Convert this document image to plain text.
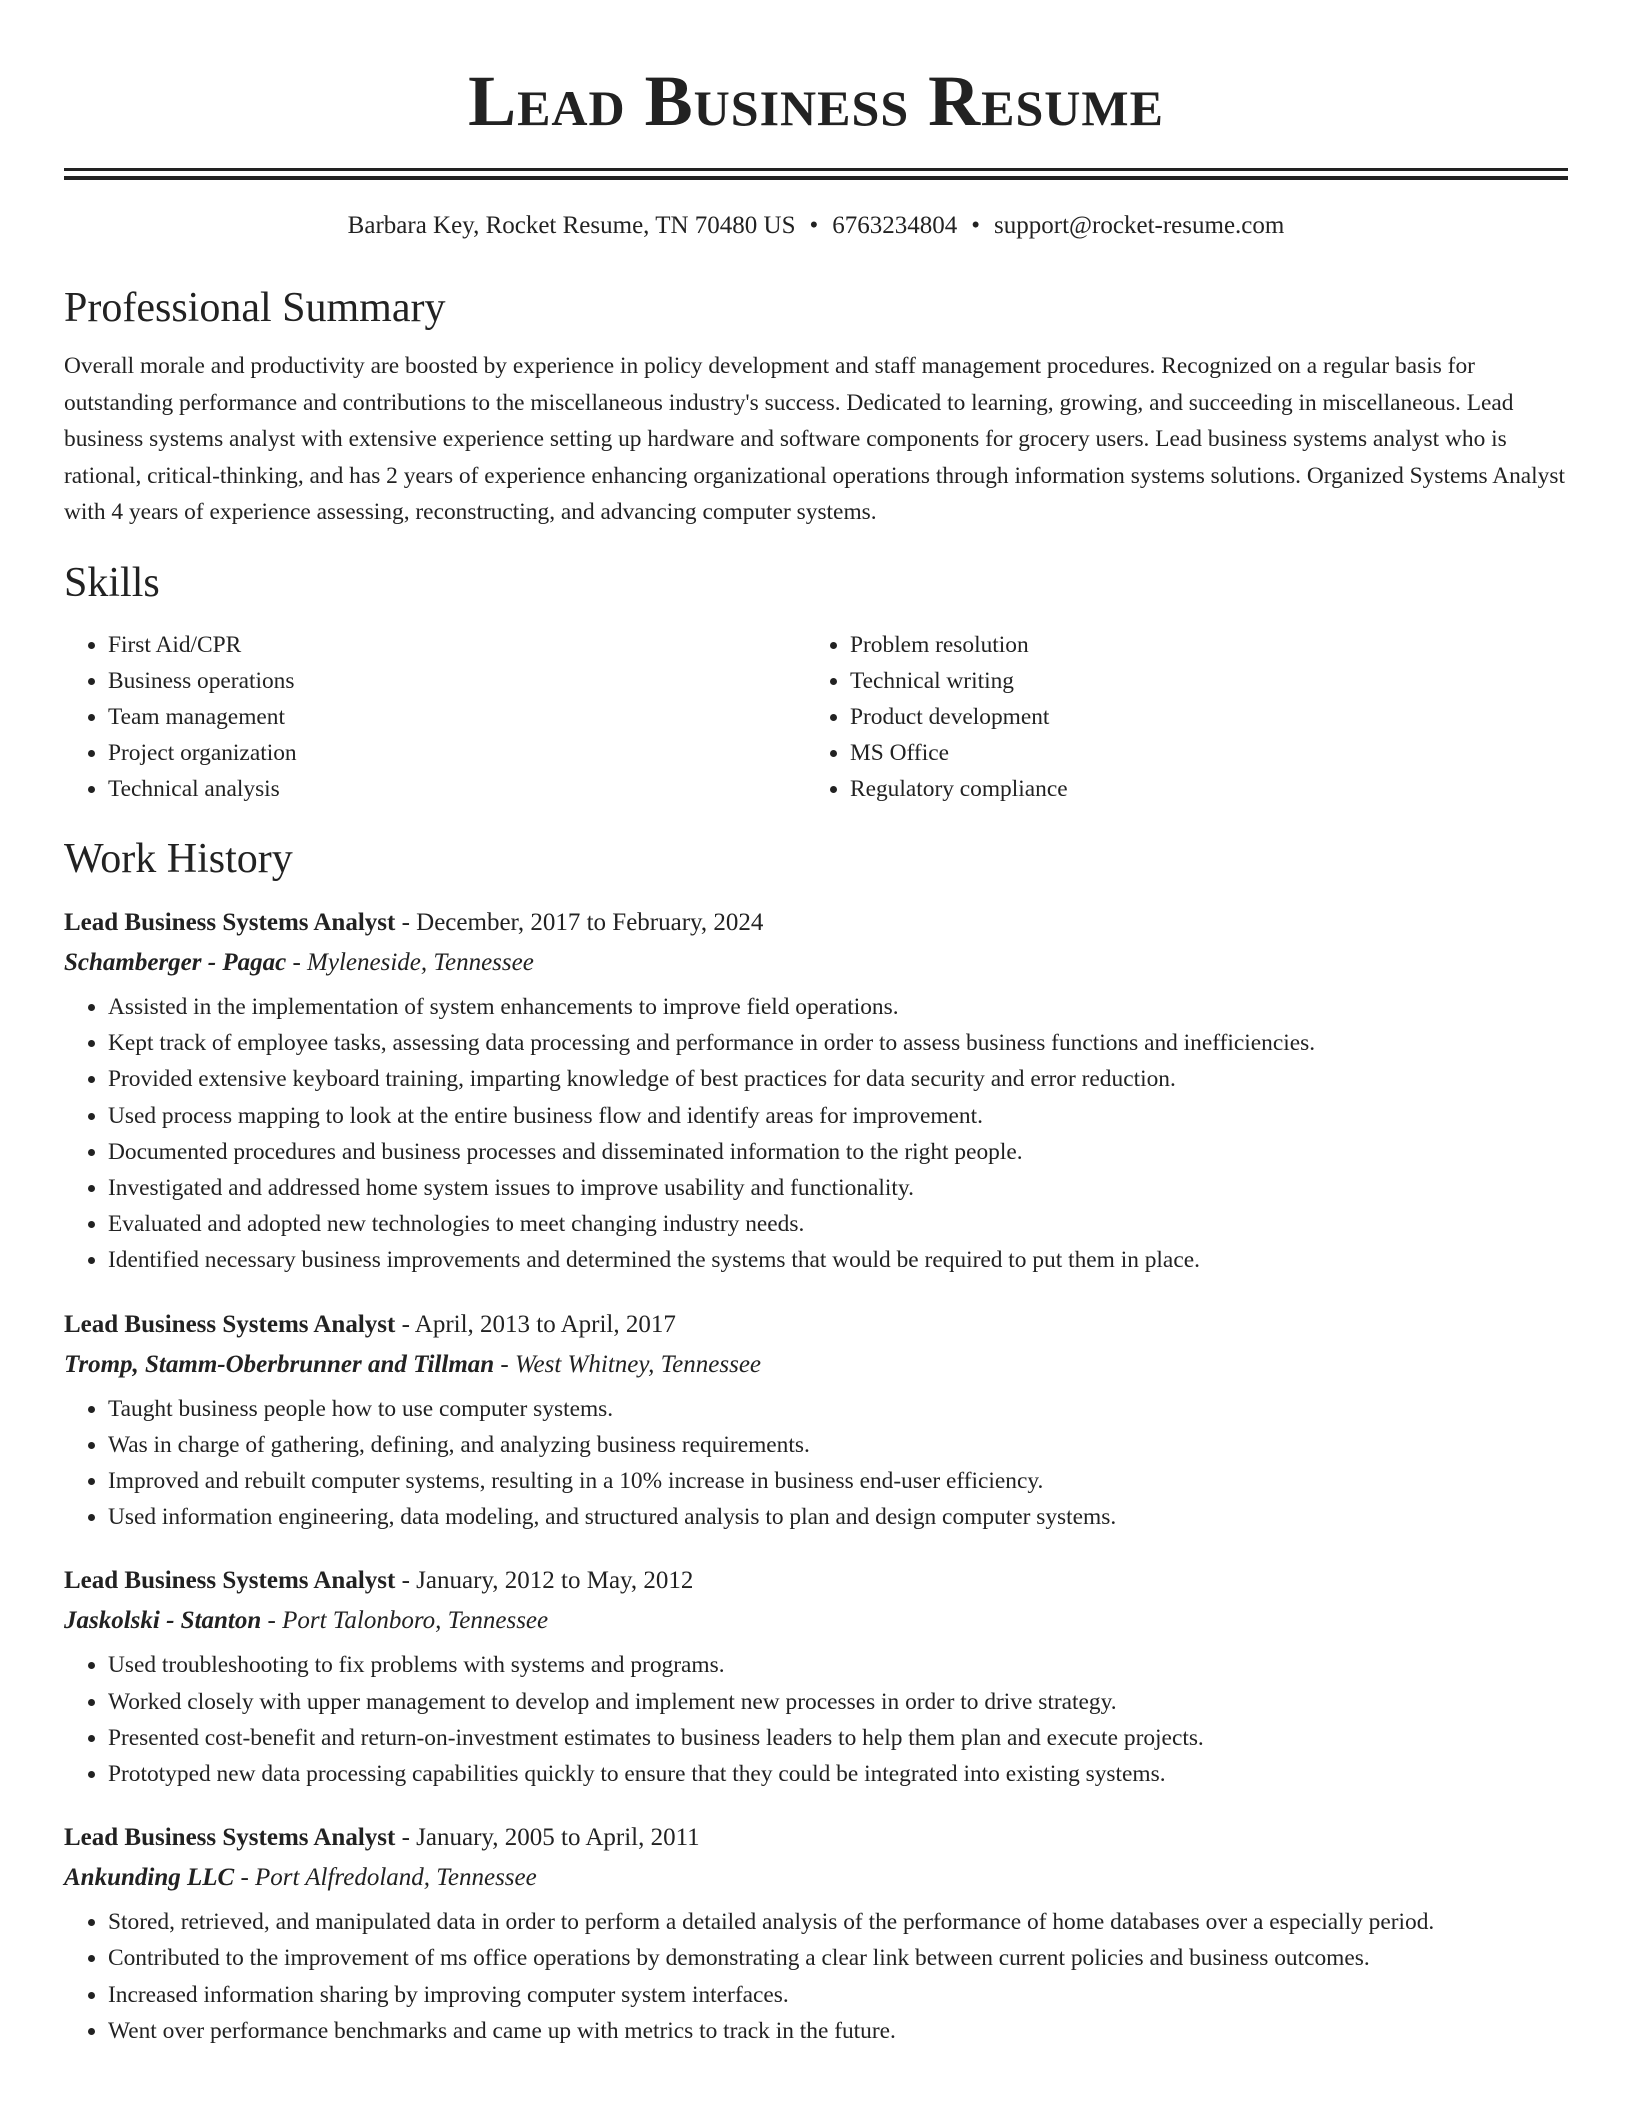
Lead Business Resume
Barbara Key, Rocket Resume, TN 70480 US • 6763234804 • support@rocket-resume.com
Professional Summary

Overall morale and productivity are boosted by experience in policy development and staff management procedures. Recognized on a regular basis for outstanding performance and contributions to the miscellaneous industry's success. Dedicated to learning, growing, and succeeding in miscellaneous. Lead business systems analyst with extensive experience setting up hardware and software components for grocery users. Lead business systems analyst who is rational, critical-thinking, and has 2 years of experience enhancing organizational operations through information systems solutions. Organized Systems Analyst with 4 years of experience assessing, reconstructing, and advancing computer systems.

Skills
• First Aid/CPR
• Business operations
• Team management
• Project organization
• Technical analysis
• Problem resolution
• Technical writing
• Product development
• MS Office
• Regulatory compliance
Work History
Lead Business Systems Analyst - December, 2017 to February, 2024
Schamberger - Pagac - Myleneside, Tennessee
• Assisted in the implementation of system enhancements to improve field operations.
• Kept track of employee tasks, assessing data processing and performance in order to assess business functions and inefficiencies.
• Provided extensive keyboard training, imparting knowledge of best practices for data security and error reduction.
• Used process mapping to look at the entire business flow and identify areas for improvement.
• Documented procedures and business processes and disseminated information to the right people.
• Investigated and addressed home system issues to improve usability and functionality.
• Evaluated and adopted new technologies to meet changing industry needs.
• Identified necessary business improvements and determined the systems that would be required to put them in place.
Lead Business Systems Analyst - April, 2013 to April, 2017
Tromp, Stamm-Oberbrunner and Tillman - West Whitney, Tennessee
• Taught business people how to use computer systems.
• Was in charge of gathering, defining, and analyzing business requirements.
• Improved and rebuilt computer systems, resulting in a 10% increase in business end-user efficiency.
• Used information engineering, data modeling, and structured analysis to plan and design computer systems.
Lead Business Systems Analyst - January, 2012 to May, 2012
Jaskolski - Stanton - Port Talonboro, Tennessee
• Used troubleshooting to fix problems with systems and programs.
• Worked closely with upper management to develop and implement new processes in order to drive strategy.
• Presented cost-benefit and return-on-investment estimates to business leaders to help them plan and execute projects.
• Prototyped new data processing capabilities quickly to ensure that they could be integrated into existing systems.
Lead Business Systems Analyst - January, 2005 to April, 2011
Ankunding LLC - Port Alfredoland, Tennessee
• Stored, retrieved, and manipulated data in order to perform a detailed analysis of the performance of home databases over a especially period.
• Contributed to the improvement of ms office operations by demonstrating a clear link between current policies and business outcomes.
• Increased information sharing by improving computer system interfaces.
• Went over performance benchmarks and came up with metrics to track in the future.
